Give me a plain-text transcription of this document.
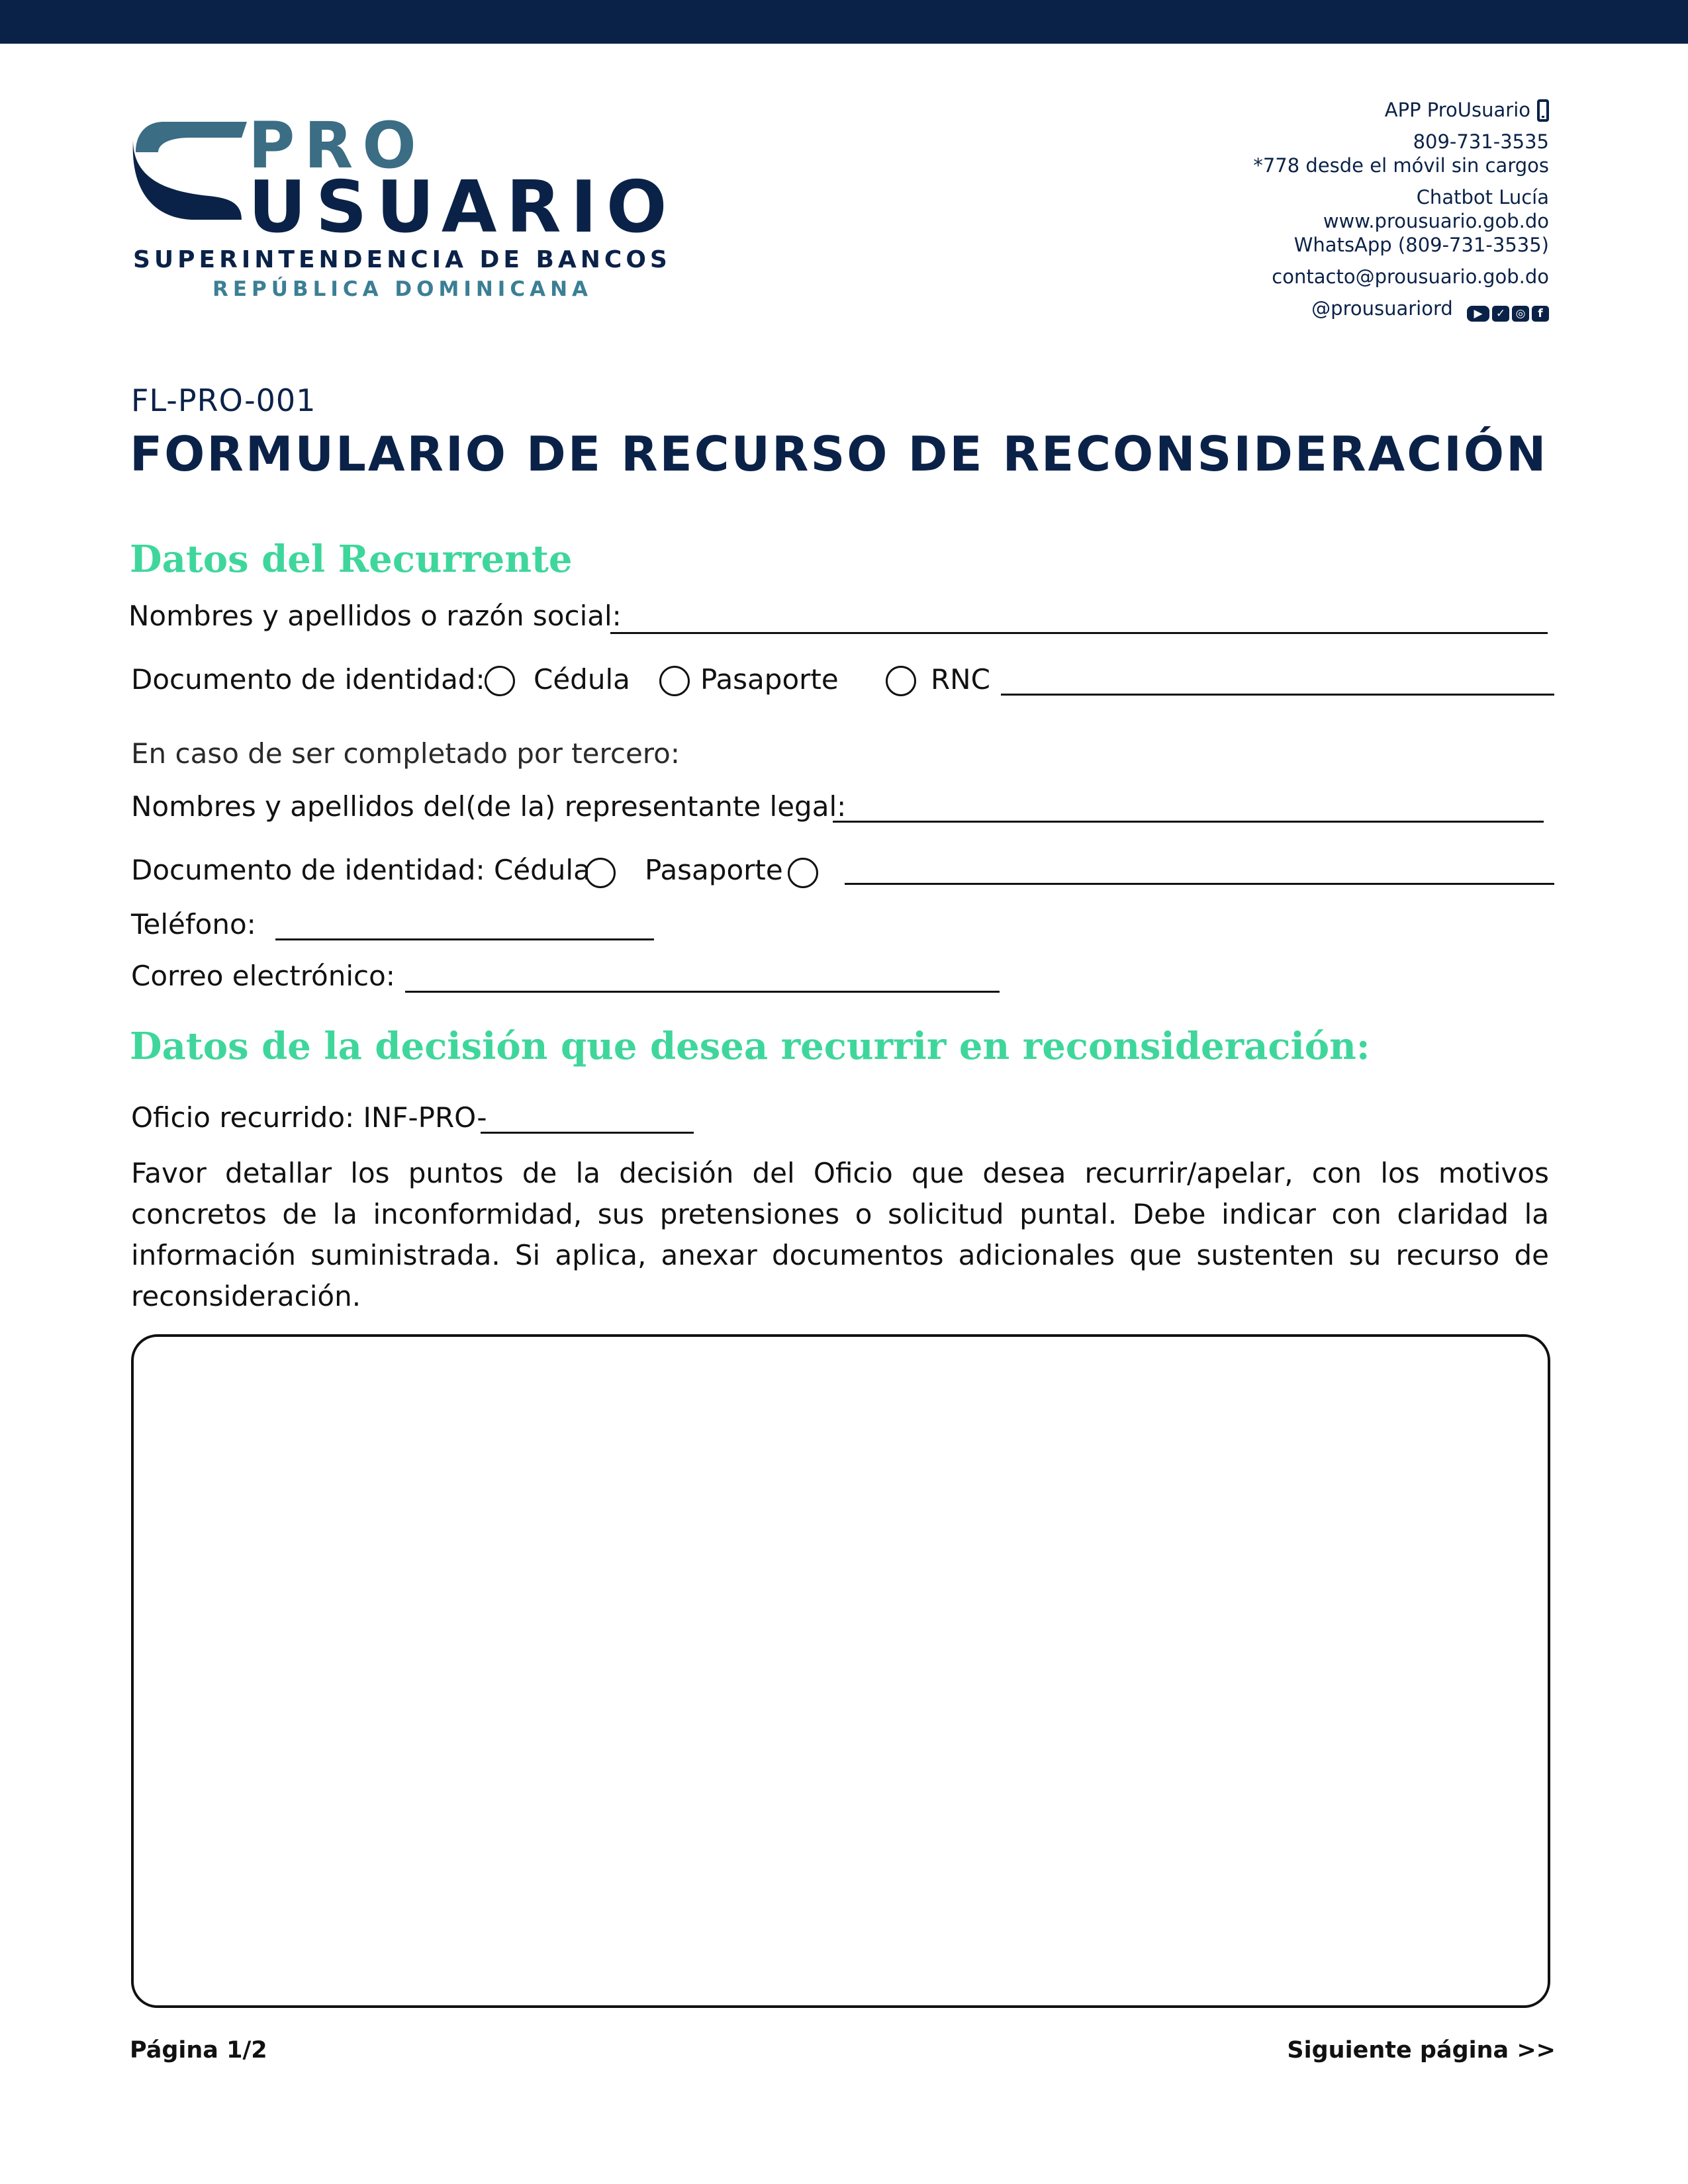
PRO
USUARIO
SUPERINTENDENCIA DE BANCOS
REPÚBLICA DOMINICANA
APP ProUsuario
809-731-3535
*778 desde el móvil sin cargos
Chatbot Lucía
www.prousuario.gob.do
WhatsApp (809-731-3535)
contacto@prousuario.gob.do
@prousuariord ▶ ✓ ◎ f
FL-PRO-001
FORMULARIO DE RECURSO DE RECONSIDERACIÓN
Datos del Recurrente
Nombres y apellidos o razón social:
Documento de identidad: Cédula	Pasaporte	RNC
En caso de ser completado por tercero:
Nombres y apellidos del(de la) representante legal:
Documento de identidad: Cédula Pasaporte
Teléfono:
Correo electrónico:
Datos de la decisión que desea recurrir en reconsideración:
Oficio recurrido: INF-PRO-
Favor detallar los puntos de la decisión del Oficio que desea recurrir/apelar, con los motivos concretos de la inconformidad, sus pretensiones o solicitud puntal. Debe indicar con claridad la información suministrada. Si aplica, anexar documentos adicionales que sustenten su recurso de reconsideración.
Página 1/2	Siguiente página >>
